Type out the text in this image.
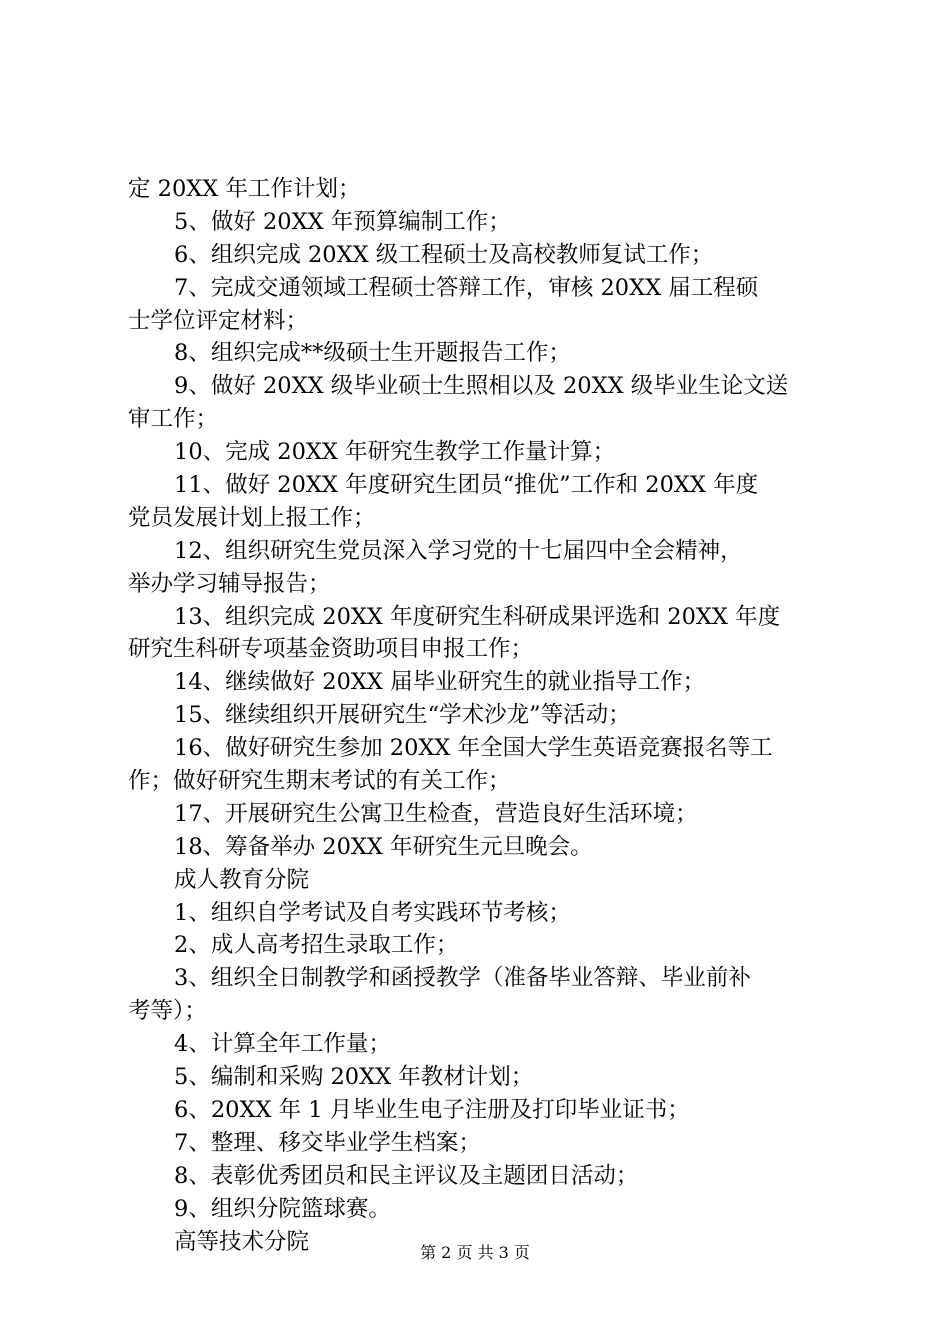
定 20XX 年工作计划；
5、做好 20XX 年预算编制工作；
6、组织完成 20XX 级工程硕士及高校教师复试工作；
7、完成交通领域工程硕士答辩工作，审核 20XX 届工程硕
士学位评定材料；
8、组织完成**级硕士生开题报告工作；
9、做好 20XX 级毕业硕士生照相以及 20XX 级毕业生论文送
审工作；
10、完成 20XX 年研究生教学工作量计算；
11、做好 20XX 年度研究生团员“推优”工作和 20XX 年度
党员发展计划上报工作；
12、组织研究生党员深入学习党的十七届四中全会精神，
举办学习辅导报告；
13、组织完成 20XX 年度研究生科研成果评选和 20XX 年度
研究生科研专项基金资助项目申报工作；
14、继续做好 20XX 届毕业研究生的就业指导工作；
15、继续组织开展研究生“学术沙龙”等活动；
16、做好研究生参加 20XX 年全国大学生英语竞赛报名等工
作；做好研究生期末考试的有关工作；
17、开展研究生公寓卫生检查，营造良好生活环境；
18、筹备举办 20XX 年研究生元旦晚会。
成人教育分院
1、组织自学考试及自考实践环节考核；
2、成人高考招生录取工作；
3、组织全日制教学和函授教学（准备毕业答辩、毕业前补
考等）；
4、计算全年工作量；
5、编制和采购 20XX 年教材计划；
6、20XX 年 1 月毕业生电子注册及打印毕业证书；
7、整理、移交毕业学生档案；
8、表彰优秀团员和民主评议及主题团日活动；
9、组织分院篮球赛。
高等技术分院	第 2 页 共 3 页
